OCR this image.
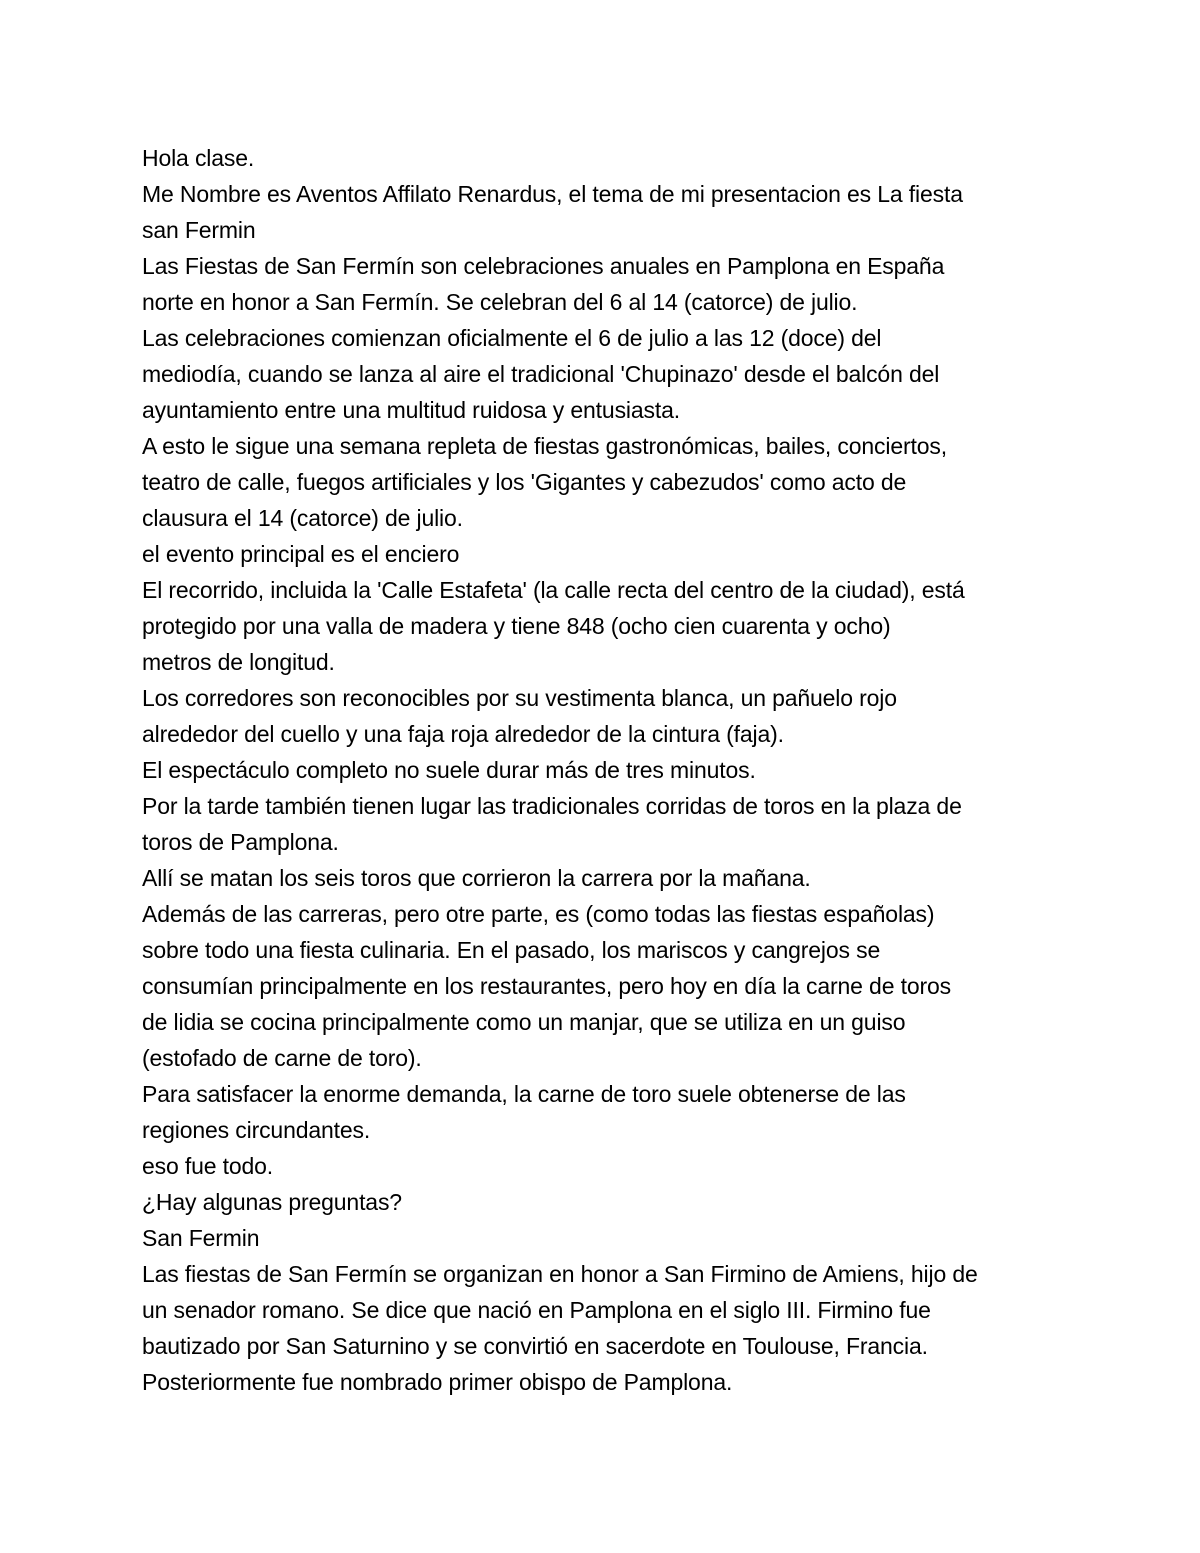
Hola clase.
Me Nombre es Aventos Affilato Renardus, el tema de mi presentacion es La fiesta
san Fermin
Las Fiestas de San Fermín son celebraciones anuales en Pamplona en España
norte en honor a San Fermín. Se celebran del 6 al 14 (catorce) de julio.
Las celebraciones comienzan oficialmente el 6 de julio a las 12 (doce) del
mediodía, cuando se lanza al aire el tradicional 'Chupinazo' desde el balcón del
ayuntamiento entre una multitud ruidosa y entusiasta.
A esto le sigue una semana repleta de fiestas gastronómicas, bailes, conciertos,
teatro de calle, fuegos artificiales y los 'Gigantes y cabezudos' como acto de
clausura el 14 (catorce) de julio.
el evento principal es el enciero
El recorrido, incluida la 'Calle Estafeta' (la calle recta del centro de la ciudad), está
protegido por una valla de madera y tiene 848 (ocho cien cuarenta y ocho)
metros de longitud.
Los corredores son reconocibles por su vestimenta blanca, un pañuelo rojo
alrededor del cuello y una faja roja alrededor de la cintura (faja).
El espectáculo completo no suele durar más de tres minutos.
Por la tarde también tienen lugar las tradicionales corridas de toros en la plaza de
toros de Pamplona.
Allí se matan los seis toros que corrieron la carrera por la mañana.
Además de las carreras, pero otre parte, es (como todas las fiestas españolas)
sobre todo una fiesta culinaria. En el pasado, los mariscos y cangrejos se
consumían principalmente en los restaurantes, pero hoy en día la carne de toros
de lidia se cocina principalmente como un manjar, que se utiliza en un guiso
(estofado de carne de toro).
Para satisfacer la enorme demanda, la carne de toro suele obtenerse de las
regiones circundantes.
eso fue todo.
¿Hay algunas preguntas?
San Fermin
Las fiestas de San Fermín se organizan en honor a San Firmino de Amiens, hijo de
un senador romano. Se dice que nació en Pamplona en el siglo III. Firmino fue
bautizado por San Saturnino y se convirtió en sacerdote en Toulouse, Francia.
Posteriormente fue nombrado primer obispo de Pamplona.
